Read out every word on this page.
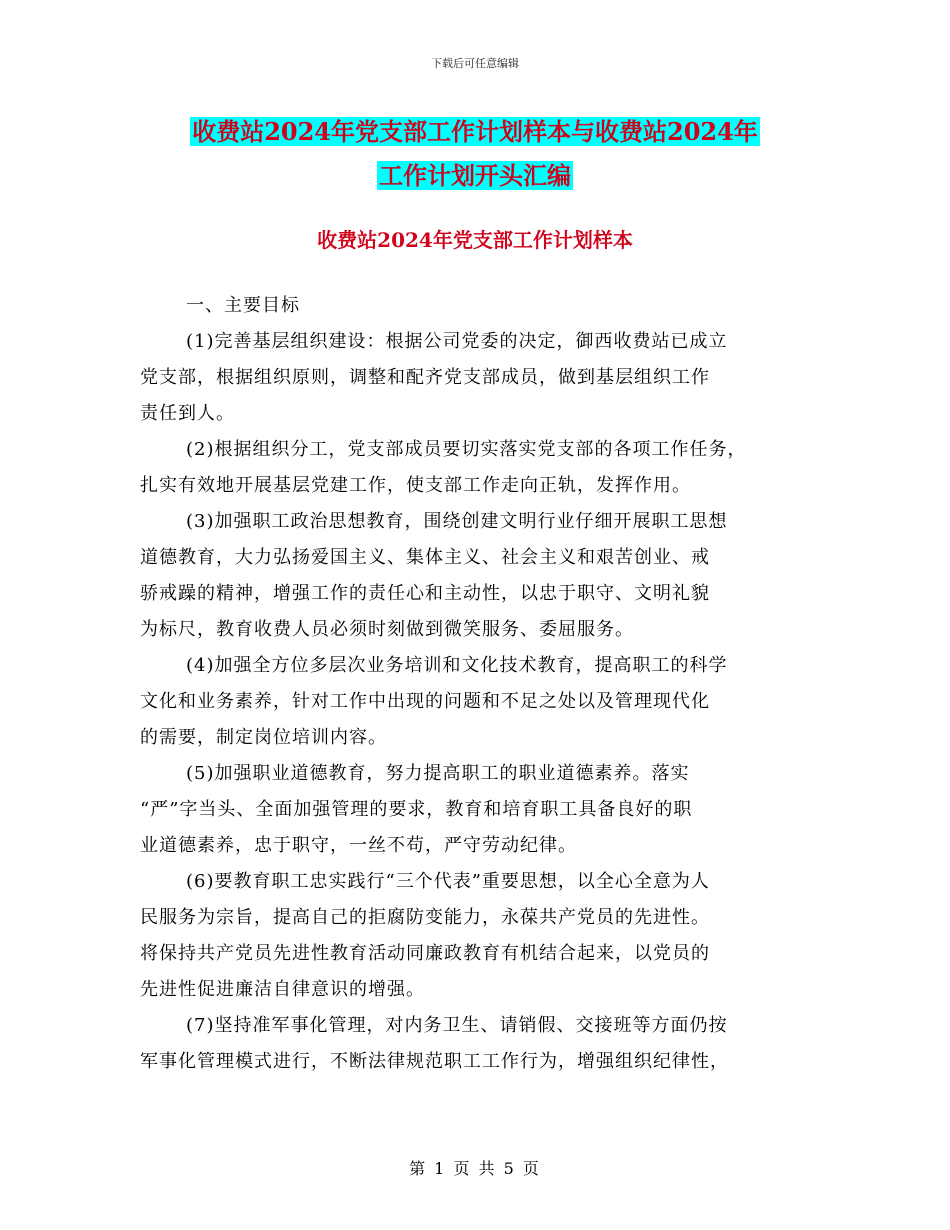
下载后可任意编辑
收费站2024年党支部工作计划样本与收费站2024年
工作计划开头汇编
收费站2024年党支部工作计划样本
一、主要目标
(1)完善基层组织建设：根据公司党委的决定，御西收费站已成立
党支部，根据组织原则，调整和配齐党支部成员，做到基层组织工作
责任到人。
(2)根据组织分工，党支部成员要切实落实党支部的各项工作任务，
扎实有效地开展基层党建工作，使支部工作走向正轨，发挥作用。
(3)加强职工政治思想教育，围绕创建文明行业仔细开展职工思想
道德教育，大力弘扬爱国主义、集体主义、社会主义和艰苦创业、戒
骄戒躁的精神，增强工作的责任心和主动性，以忠于职守、文明礼貌
为标尺，教育收费人员必须时刻做到微笑服务、委屈服务。
(4)加强全方位多层次业务培训和文化技术教育，提高职工的科学
文化和业务素养，针对工作中出现的问题和不足之处以及管理现代化
的需要，制定岗位培训内容。
(5)加强职业道德教育，努力提高职工的职业道德素养。落实
“严”字当头、全面加强管理的要求，教育和培育职工具备良好的职
业道德素养，忠于职守，一丝不苟，严守劳动纪律。
(6)要教育职工忠实践行“三个代表”重要思想，以全心全意为人
民服务为宗旨，提高自己的拒腐防变能力，永葆共产党员的先进性。
将保持共产党员先进性教育活动同廉政教育有机结合起来，以党员的
先进性促进廉洁自律意识的增强。
(7)坚持准军事化管理，对内务卫生、请销假、交接班等方面仍按
军事化管理模式进行，不断法律规范职工工作行为，增强组织纪律性，
第 1 页 共 5 页
